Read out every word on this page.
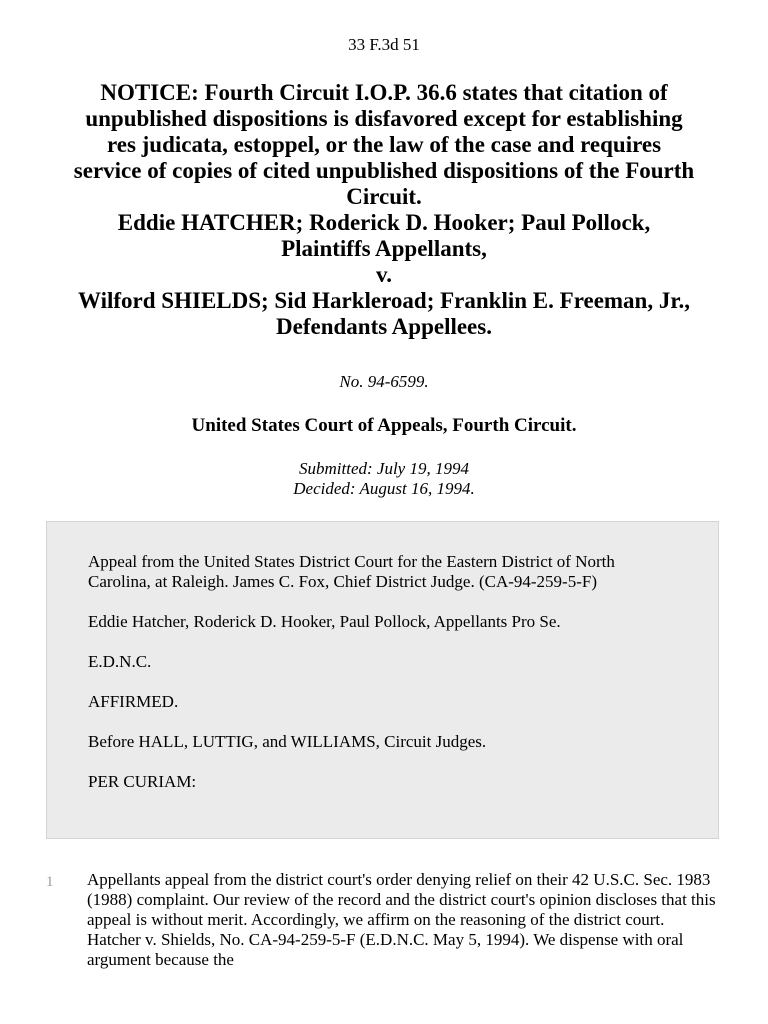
33 F.3d 51
NOTICE: Fourth Circuit I.O.P. 36.6 states that citation of
unpublished dispositions is disfavored except for establishing
res judicata, estoppel, or the law of the case and requires
service of copies of cited unpublished dispositions of the Fourth
Circuit.
Eddie HATCHER; Roderick D. Hooker; Paul Pollock,
Plaintiffs Appellants,
v.
Wilford SHIELDS; Sid Harkleroad; Franklin E. Freeman, Jr.,
Defendants Appellees.
No. 94-6599.
United States Court of Appeals, Fourth Circuit.
Submitted: July 19, 1994
Decided: August 16, 1994.

Appeal from the United States District Court for the Eastern District of North Carolina, at Raleigh. James C. Fox, Chief District Judge. (CA-94-259-5-F)

Eddie Hatcher, Roderick D. Hooker, Paul Pollock, Appellants Pro Se.

E.D.N.C.

AFFIRMED.

Before HALL, LUTTIG, and WILLIAMS, Circuit Judges.

PER CURIAM:

1 Appellants appeal from the district court's order denying relief on their 42 U.S.C. Sec. 1983 (1988) complaint. Our review of the record and the district court's opinion discloses that this appeal is without merit. Accordingly, we affirm on the reasoning of the district court. Hatcher v. Shields, No. CA-94-259-5-F (E.D.N.C. May 5, 1994). We dispense with oral argument because the
